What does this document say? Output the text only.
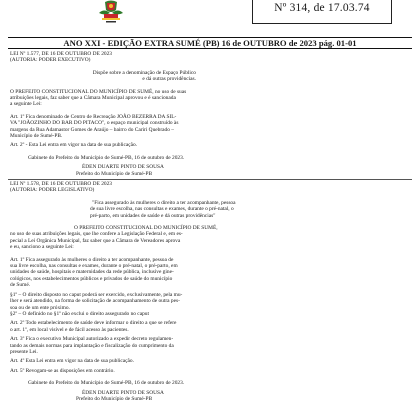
Nº 314, de 17.03.74
ANO XXI - EDIÇÃO EXTRA SUMÉ (PB) 16 de OUTUBRO de 2023 pág. 01-01

LEI Nº 1.577, DE 16 DE OUTUBRO DE 2023

(AUTORIA: PODER EXECUTIVO)

Dispõe sobre a denominação de Espaço Público

e dá outras providências.

O PREFEITO CONSTITUCIONAL DO MUNICÍPIO DE SUMÉ, no uso de suas

atribuições legais, faz saber que a Câmara Municipal aprovou e é sancionada

a seguinte Lei:

Art. 1º Fica denominado de Centro de Recreação JOÃO BEZERRA DA SIL-

VA "JOÃOZINHO DO BAR DO PITACO", o espaço municipal construído às

margens da Rua Adamastor Gomes de Araújo – bairro do Cariri Quebrado –

Município de Sumé-PB.

Art. 2º - Esta Lei entra em vigor na data de sua publicação.

Gabinete do Prefeito do Município de Sumé-PB, 16 de outubro de 2023.

ÉDEN DUARTE PINTO DE SOUSA

Prefeito do Município de Sumé-PB

LEI Nº 1.578, DE 16 DE OUTUBRO DE 2023

(AUTORIA: PODER LEGISLATIVO)

"Fica assegurado às mulheres o direito a ter acompanhante, pessoa

de sua livre escolha, nas consultas e exames, durante o pré-natal, o

pré-parto, em unidades de saúde e dá outras providências"

O PREFEITO CONSTITUCIONAL DO MUNICÍPIO DE SUMÉ,

no uso de suas atribuições legais, que lhe confere a Legislação Federal e, em es-

pecial a Lei Orgânica Municipal, faz saber que a Câmara de Vereadores aprova

e eu, sanciono a seguinte Lei:

Art. 1º Fica assegurado às mulheres o direito a ter acompanhante, pessoa de

sua livre escolha, nas consultas e exames, durante o pré-natal, o pré-parto, em

unidades de saúde, hospitais e maternidades da rede pública, inclusive gine-

cológicos, nos estabelecimentos públicos e privados de saúde do município

de Sumé.

§1º – O direito disposto no caput poderá ser exercido, exclusivamente, pela mu-

lher e será atendido, na forma de solicitação de acompanhamento de outra pes-

soa ou de um ente próximo.

§2º – O definido no §1º não exclui o direito assegurado no caput

Art. 2º Todo estabelecimento de saúde deve informar o direito a que se refere

o art. 1º, em local visível e de fácil acesso às pacientes.

Art. 3º Fica o executivo Municipal autorizado a expedir decreto regulamen-

tando as demais normas para implantação e fiscalização do cumprimento da

presente Lei.

Art. 4º Esta Lei entra em vigor na data de sua publicação.

Art. 5º Revogam-se as disposições em contrário.

Gabinete do Prefeito do Município de Sumé-PB, 16 de outubro de 2023.

ÉDEN DUARTE PINTO DE SOUSA

Prefeito do Município de Sumé-PB
